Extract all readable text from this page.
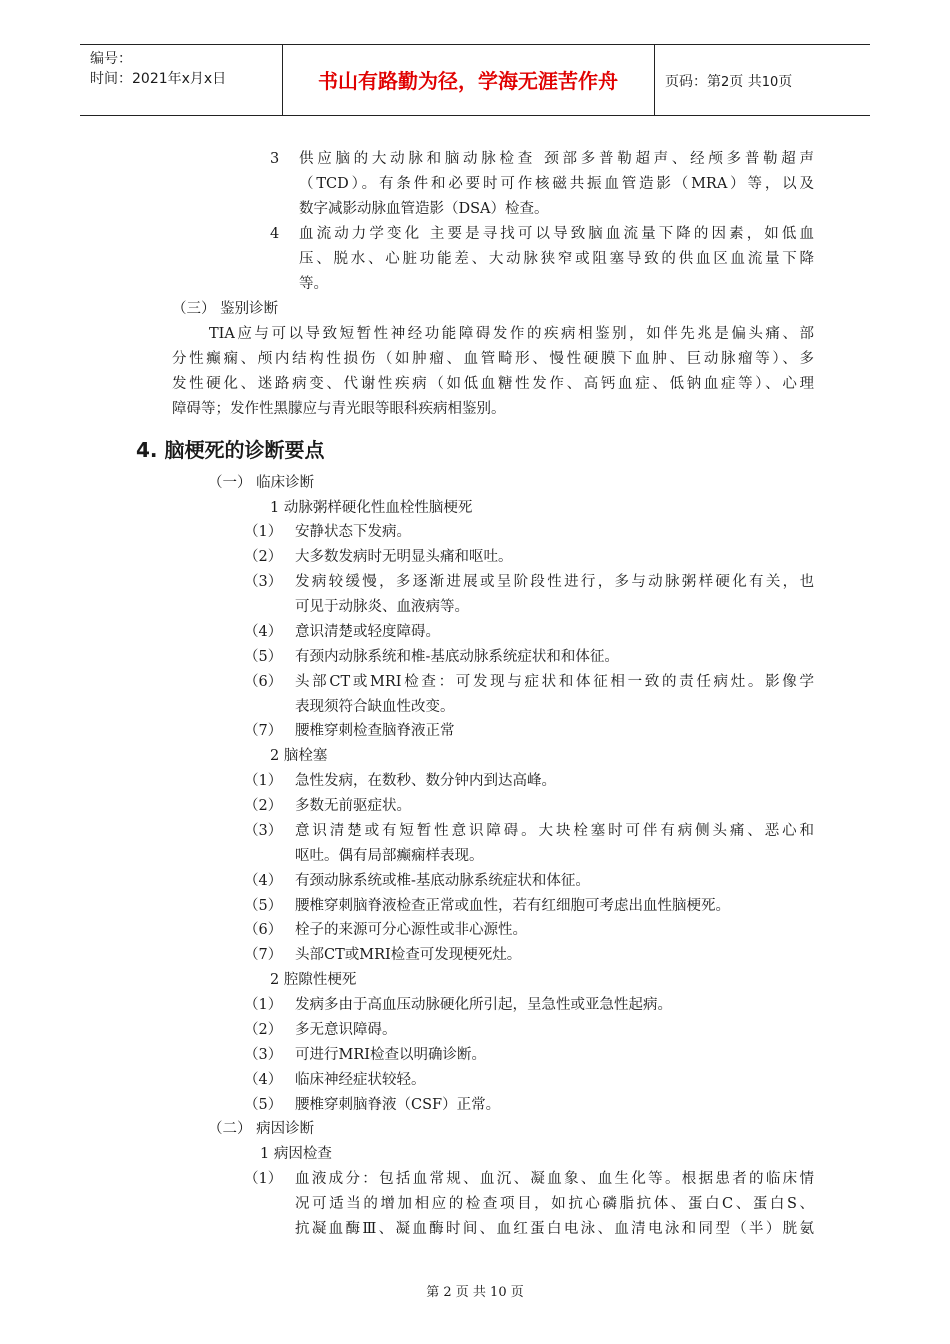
编号：
时间：2021年x月x日	书山有路勤为径，学海无涯苦作舟	页码：第2页 共10页
3 供应脑的大动脉和脑动脉检查 颈部多普勒超声、经颅多普勒超声
（TCD）。有条件和必要时可作核磁共振血管造影（MRA）等，以及
数字减影动脉血管造影（DSA）检查。
4 血流动力学变化 主要是寻找可以导致脑血流量下降的因素，如低血
压、脱水、心脏功能差、大动脉狭窄或阻塞导致的供血区血流量下降
等。
（三） 鉴别诊断
TIA应与可以导致短暂性神经功能障碍发作的疾病相鉴别，如伴先兆是偏头痛、部
分性癫痫、颅内结构性损伤（如肿瘤、血管畸形、慢性硬膜下血肿、巨动脉瘤等）、多
发性硬化、迷路病变、代谢性疾病（如低血糖性发作、高钙血症、低钠血症等）、心理
障碍等；发作性黑朦应与青光眼等眼科疾病相鉴别。
（一） 临床诊断
1 动脉粥样硬化性血栓性脑梗死
（1） 安静状态下发病。
（2） 大多数发病时无明显头痛和呕吐。
（3） 发病较缓慢，多逐渐进展或呈阶段性进行，多与动脉粥样硬化有关，也
可见于动脉炎、血液病等。
（4） 意识清楚或轻度障碍。
（5） 有颈内动脉系统和椎-基底动脉系统症状和和体征。
（6） 头部CT或MRI检查：可发现与症状和体征相一致的责任病灶。影像学
表现须符合缺血性改变。
（7） 腰椎穿刺检查脑脊液正常
2 脑栓塞
（1） 急性发病，在数秒、数分钟内到达高峰。
（2） 多数无前驱症状。
（3） 意识清楚或有短暂性意识障碍。大块栓塞时可伴有病侧头痛、恶心和
呕吐。偶有局部癫痫样表现。
（4） 有颈动脉系统或椎-基底动脉系统症状和体征。
（5） 腰椎穿刺脑脊液检查正常或血性，若有红细胞可考虑出血性脑梗死。
（6） 栓子的来源可分心源性或非心源性。
（7） 头部CT或MRI检查可发现梗死灶。
2 腔隙性梗死
（1） 发病多由于高血压动脉硬化所引起，呈急性或亚急性起病。
（2） 多无意识障碍。
（3） 可进行MRI检查以明确诊断。
（4） 临床神经症状较轻。
（5） 腰椎穿刺脑脊液（CSF）正常。
（二） 病因诊断
1 病因检查
（1） 血液成分：包括血常规、血沉、凝血象、血生化等。根据患者的临床情
况可适当的增加相应的检查项目，如抗心磷脂抗体、蛋白C、蛋白S、
抗凝血酶Ⅲ、凝血酶时间、血红蛋白电泳、血清电泳和同型（半）胱氨
4. 脑梗死的诊断要点
第 2 页 共 10 页
